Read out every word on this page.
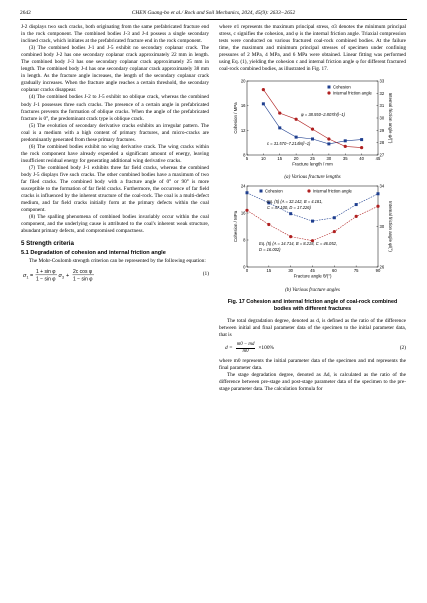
2642	CHEN Guang-bo et al./ Rock and Soil Mechanics, 2024, 45(9): 2633−2652

J-2 displays two such cracks, both originating from the same prefabricated fracture end in the rock component. The combined bodies J-3 and J-4 possess a single secondary inclined crack, which initiates at the prefabricated fracture end in the rock component.

(3) The combined bodies J-1 and J-5 exhibit no secondary coplanar crack. The combined body J-2 has one secondary coplanar crack approximately 22 mm in length. The combined body J-3 has one secondary coplanar crack approximately 25 mm in length. The combined body J-4 has one secondary coplanar crack approximately 38 mm in length. As the fracture angle increases, the length of the secondary coplanar crack gradually increases. When the fracture angle reaches a certain threshold, the secondary coplanar cracks disappear.

(4) The combined bodies J-2 to J-5 exhibit no oblique crack, whereas the combined body J-1 possesses three such cracks. The presence of a certain angle in prefabricated fractures prevents the formation of oblique cracks. When the angle of the prefabricated fracture is 0°, the predominant crack type is oblique crack.

(5) The evolution of secondary derivative cracks exhibits an irregular pattern. The coal is a medium with a high content of primary fractures, and micro-cracks are predominantly generated from these primary fractures.

(6) The combined bodies exhibit no wing derivative crack. The wing cracks within the rock component have already expended a significant amount of energy, leaving insufficient residual energy for generating additional wing derivative cracks.

(7) The combined body J-1 exhibits three far field cracks, whereas the combined body J-5 displays five such cracks. The other combined bodies have a maximum of two far filed cracks. The combined body with a fracture angle of 0° or 90° is more susceptible to the formation of far field cracks. Furthermore, the occurrence of far field cracks is influenced by the inherent structure of the coal-rock. The coal is a multi-defect medium, and far field cracks initially form at the primary defects within the coal component.

(8) The spalling phenomena of combined bodies invariably occur within the coal component, and the underlying cause is attributed to the coal's inherent weak structure, abundant primary defects, and compromised compactness.

5 Strength criteria
5.1 Degradation of cohesion and internal friction angle

The Mohr-Coulomb strength criterion can be represented by the following equation:

σ 1 =
1 + sin φ
1 − sin φ
σ 3 +
2c cos φ
1 − sin φ
(1)

where σ1 represents the maximum principal stress, σ3 denotes the minimum principal stress, c signifies the cohesion, and φ is the internal friction angle. Triaxial compression tests were conducted on various fractured coal-rock combined bodies. At the failure time, the maximum and minimum principal stresses of specimen under confining pressures of 2 MPa, 4 MPa, and 6 MPa were obtained. Linear fitting was performed using Eq. (1), yielding the cohesion c and internal friction angle φ for different fractured coal-rock combined bodies, as illustrated in Fig. 17.

5	10	15	20	25	30	35	40	45
8
12
16
20
27
28
29
30
31
32
33
Fracture length / mm
Cohesion / MPa	Internal friction angle φ/(°)
Cohesion
Internal friction angle
φ = 38.550−2.807ln(l−1)
c = 31.570−7.214ln(l−1)
(a) Various fracture lengths
0	15	30	45	60	75	90
0
8
16
24
26
30
34
Fracture angle θ/(°)
Cohesion / MPa	Internal friction angle φ/(°)
Cohesion	Internal friction angle
Eq. (5) (A = 32.142, B = 4.181,
C = 47.100, D = 17.226)
Eq. (5) (A = 14.714, B = 8.218, C = 46.052,
D = 16.002)
(b) Various fracture angles
Fig. 17 Cohesion and internal friction angle of coal-rock combined bodies with different fractures

The total degradation degree, denoted as d, is defined as the ratio of the difference between initial and final parameter data of the specimen to the initial parameter data, that is

$d = \frac{m0 - md}{m0} \times 100\%$	(2)

where m0 represents the initial parameter data of the specimen and md represents the final parameter data.

The stage degradation degree, denoted as Δd, is calculated as the ratio of the difference between pre-stage and post-stage parameter data of the specimen to the pre-stage parameter data. The calculation formula for
